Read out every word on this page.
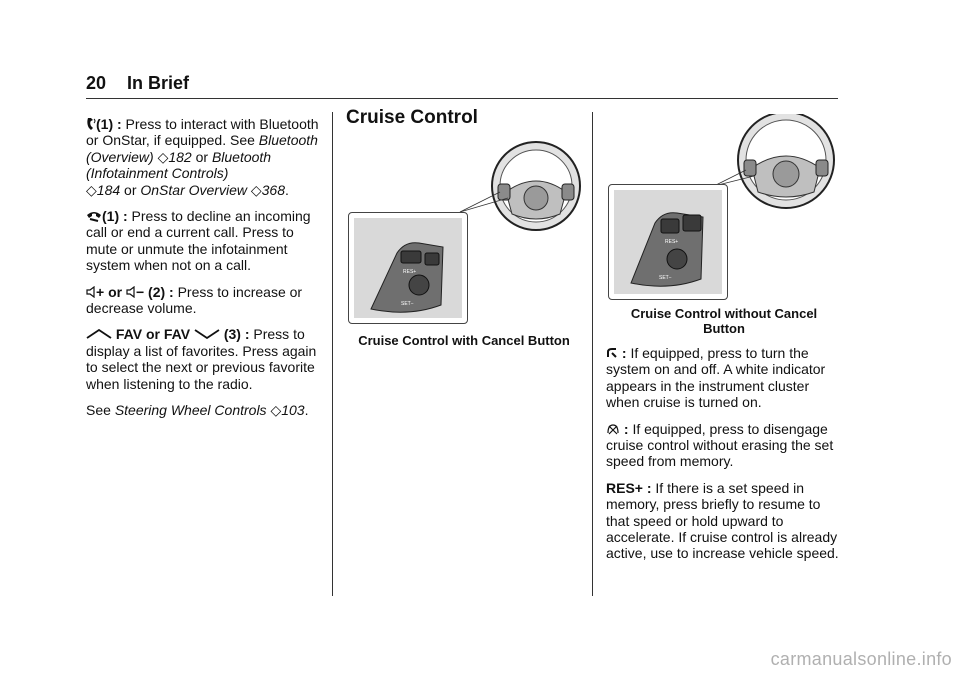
20 In Brief

(1) : Press to interact with Bluetooth or OnStar, if equipped. See Bluetooth (Overview) ◇182 or Bluetooth (Infotainment Controls)
◇184 or OnStar Overview ◇368.

(1) : Press to decline an incoming call or end a current call. Press to mute or unmute the infotainment system when not on a call.

+ or − (2) : Press to increase or decrease volume.

FAV or FAV  (3) : Press to display a list of favorites. Press again to select the next or previous favorite when listening to the radio.

See Steering Wheel Controls ◇103.

Cruise Control
RES+
SET−
Cruise Control with Cancel Button
RES+
SET−
Cruise Control without Cancel
Button

: If equipped, press to turn the system on and off. A white indicator appears in the instrument cluster when cruise is turned on.

: If equipped, press to disengage cruise control without erasing the set speed from memory.

RES+ : If there is a set speed in memory, press briefly to resume to that speed or hold upward to accelerate. If cruise control is already active, use to increase vehicle speed.

carmanualsonline.info
